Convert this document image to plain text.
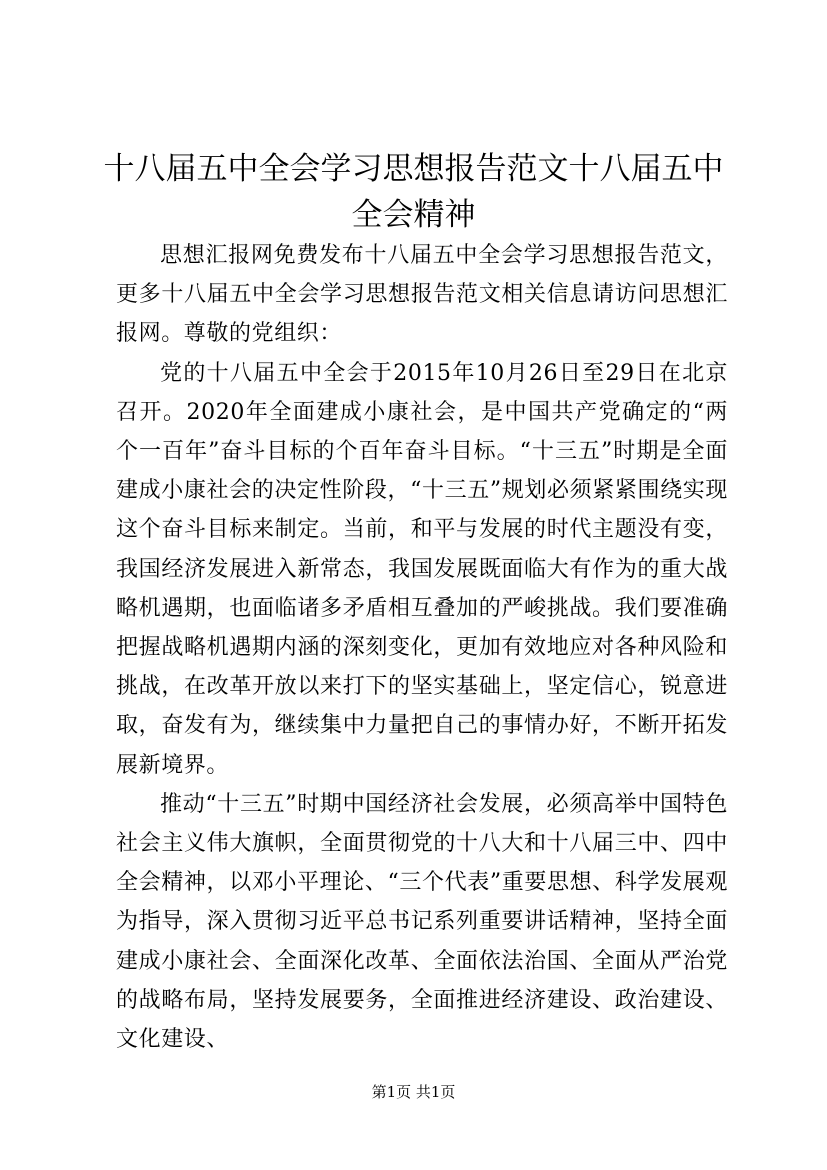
十八届五中全会学习思想报告范文十八届五中全会精神

思想汇报网免费发布十八届五中全会学习思想报告范文，更多十八届五中全会学习思想报告范文相关信息请访问思想汇报网。尊敬的党组织：

党的十八届五中全会于2015年10月26日至29日在北京召开。2020年全面建成小康社会，是中国共产党确定的“两个一百年”奋斗目标的个百年奋斗目标。“十三五”时期是全面建成小康社会的决定性阶段，“十三五”规划必须紧紧围绕实现这个奋斗目标来制定。当前，和平与发展的时代主题没有变，我国经济发展进入新常态，我国发展既面临大有作为的重大战略机遇期，也面临诸多矛盾相互叠加的严峻挑战。我们要准确把握战略机遇期内涵的深刻变化，更加有效地应对各种风险和挑战，在改革开放以来打下的坚实基础上，坚定信心，锐意进取，奋发有为，继续集中力量把自己的事情办好，不断开拓发展新境界。

推动“十三五”时期中国经济社会发展，必须高举中国特色社会主义伟大旗帜，全面贯彻党的十八大和十八届三中、四中全会精神，以邓小平理论、“三个代表”重要思想、科学发展观为指导，深入贯彻习近平总书记系列重要讲话精神，坚持全面建成小康社会、全面深化改革、全面依法治国、全面从严治党的战略布局，坚持发展要务，全面推进经济建设、政治建设、文化建设、

第1页 共1页
